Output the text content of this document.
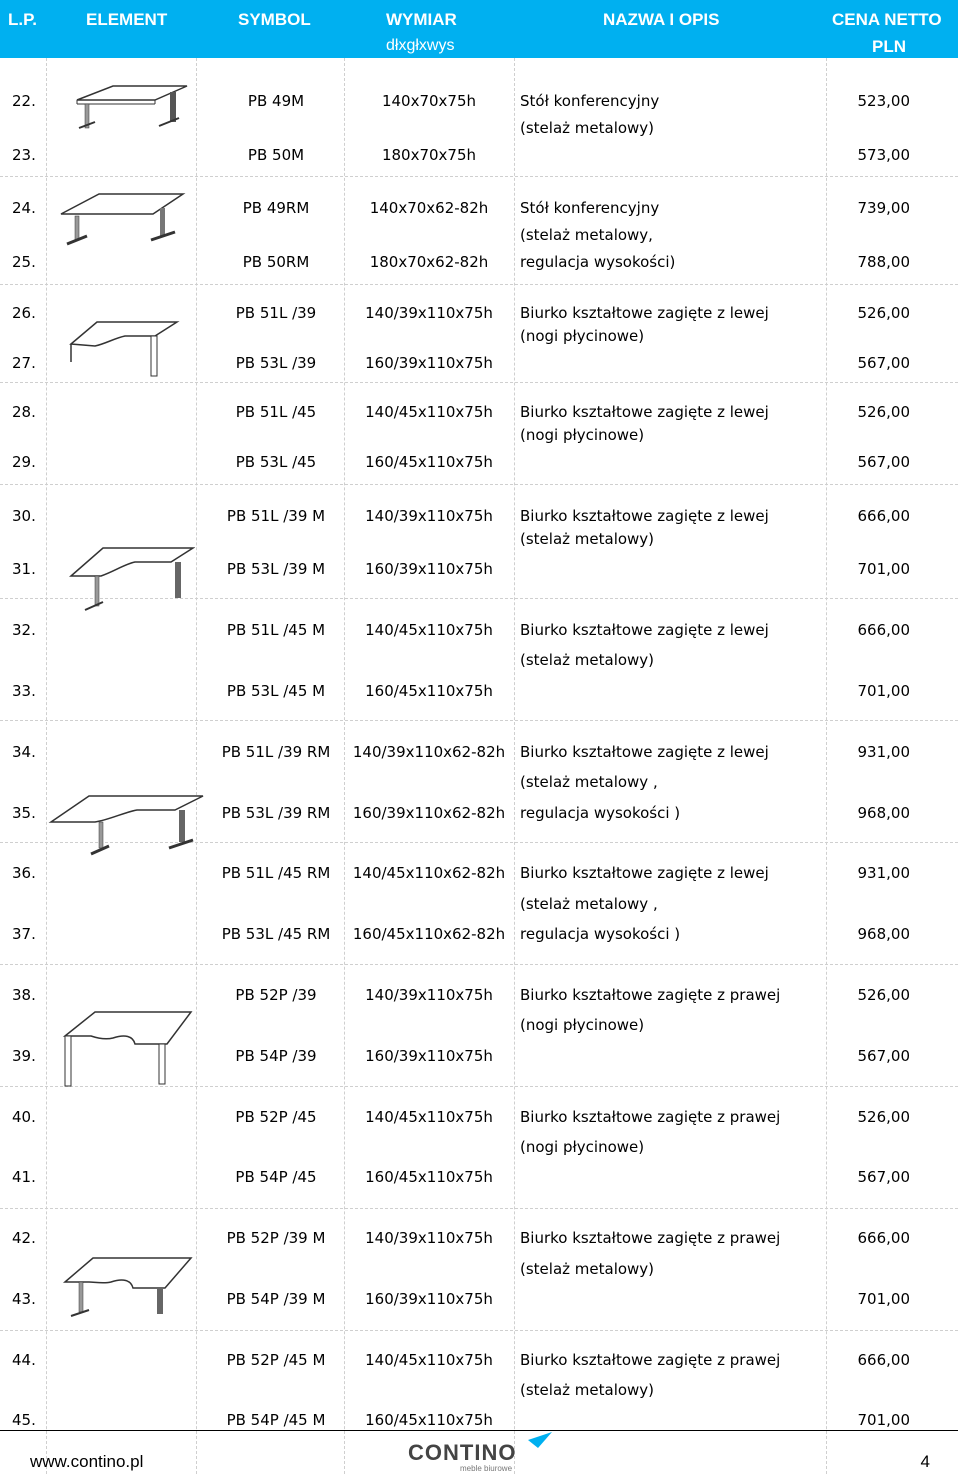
L.P.	ELEMENT	SYMBOL	WYMIAR
dłxgłxwys
NAZWA I OPIS	CENA NETTO
PLN
22.	PB 49M	140x70x75h	Stół konferencyjny	523,00
(stelaż metalowy)
23.	PB 50M	180x70x75h	573,00
24.	PB 49RM	140x70x62-82h	Stół konferencyjny	739,00
(stelaż metalowy,
25.	PB 50RM	180x70x62-82h	regulacja wysokości)	788,00
26.	PB 51L /39	140/39x110x75h	Biurko kształtowe zagięte z lewej	526,00
(nogi płycinowe)
27.	PB 53L /39	160/39x110x75h	567,00
28.	PB 51L /45	140/45x110x75h	Biurko kształtowe zagięte z lewej	526,00
(nogi płycinowe)
29.	PB 53L /45	160/45x110x75h	567,00
30.	PB 51L /39 M	140/39x110x75h	Biurko kształtowe zagięte z lewej	666,00
(stelaż metalowy)
31.	PB 53L /39 M	160/39x110x75h	701,00
32.	PB 51L /45 M	140/45x110x75h	Biurko kształtowe zagięte z lewej	666,00
(stelaż metalowy)
33.	PB 53L /45 M	160/45x110x75h	701,00
34.	PB 51L /39 RM	140/39x110x62-82h Biurko kształtowe zagięte z lewej	931,00
(stelaż metalowy ,
35.	PB 53L /39 RM	160/39x110x62-82h regulacja wysokości )	968,00
36.	PB 51L /45 RM	140/45x110x62-82h Biurko kształtowe zagięte z lewej	931,00
(stelaż metalowy ,
37.	PB 53L /45 RM	160/45x110x62-82h regulacja wysokości )	968,00
38.	PB 52P /39	140/39x110x75h	Biurko kształtowe zagięte z prawej	526,00
(nogi płycinowe)
39.	PB 54P /39	160/39x110x75h	567,00
40.	PB 52P /45	140/45x110x75h	Biurko kształtowe zagięte z prawej	526,00
(nogi płycinowe)
41.	PB 54P /45	160/45x110x75h	567,00
42.	PB 52P /39 M	140/39x110x75h	Biurko kształtowe zagięte z prawej	666,00
(stelaż metalowy)
43.	PB 54P /39 M	160/39x110x75h	701,00
44.	PB 52P /45 M	140/45x110x75h	Biurko kształtowe zagięte z prawej	666,00
(stelaż metalowy)
45.	PB 54P /45 M	160/45x110x75h	701,00
www.contino.pl	CONTINO
meble biurowe	4
